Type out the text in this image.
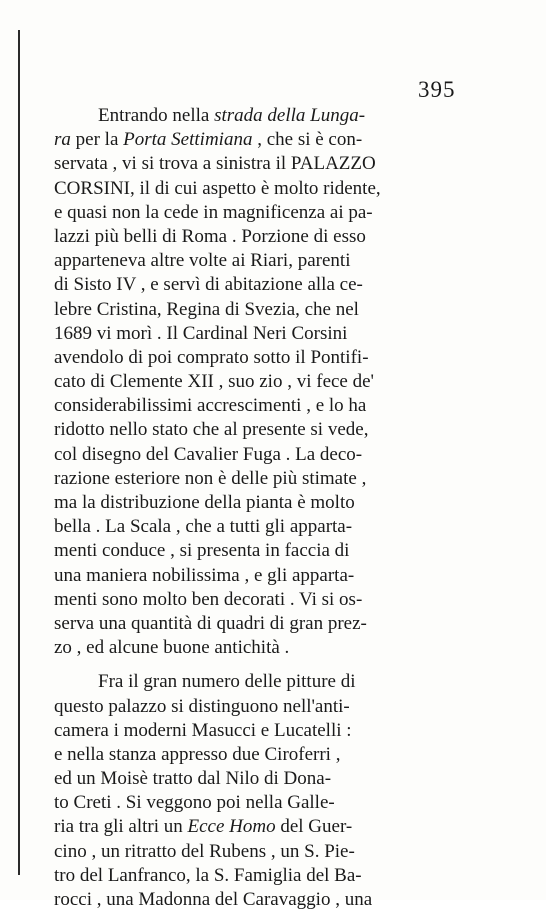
395
Entrando nella strada della Lunga-
ra per la Porta Settimiana , che si è con-
servata , vi si trova a sinistra il PALAZZO
CORSINI, il di cui aspetto è molto ridente,
e quasi non la cede in magnificenza ai pa-
lazzi più belli di Roma . Porzione di esso
apparteneva altre volte ai Riari, parenti
di Sisto IV , e servì di abitazione alla ce-
lebre Cristina, Regina di Svezia, che nel
1689 vi morì . Il Cardinal Neri Corsini
avendolo di poi comprato sotto il Pontifi-
cato di Clemente XII , suo zio , vi fece de'
considerabilissimi accrescimenti , e lo ha
ridotto nello stato che al presente si vede,
col disegno del Cavalier Fuga . La deco-
razione esteriore non è delle più stimate ,
ma la distribuzione della pianta è molto
bella . La Scala , che a tutti gli apparta-
menti conduce , si presenta in faccia di
una maniera nobilissima , e gli apparta-
menti sono molto ben decorati . Vi si os-
serva una quantità di quadri di gran prez-
zo , ed alcune buone antichità .
Fra il gran numero delle pitture di
questo palazzo si distinguono nell'anti-
camera i moderni Masucci e Lucatelli :
e nella stanza appresso due Ciroferri ,
ed un Moisè tratto dal Nilo di Dona-
to Creti . Si veggono poi nella Galle-
ria tra gli altri un Ecce Homo del Guer-
cino , un ritratto del Rubens , un S. Pie-
tro del Lanfranco, la S. Famiglia del Ba-
rocci , una Madonna del Caravaggio , una
